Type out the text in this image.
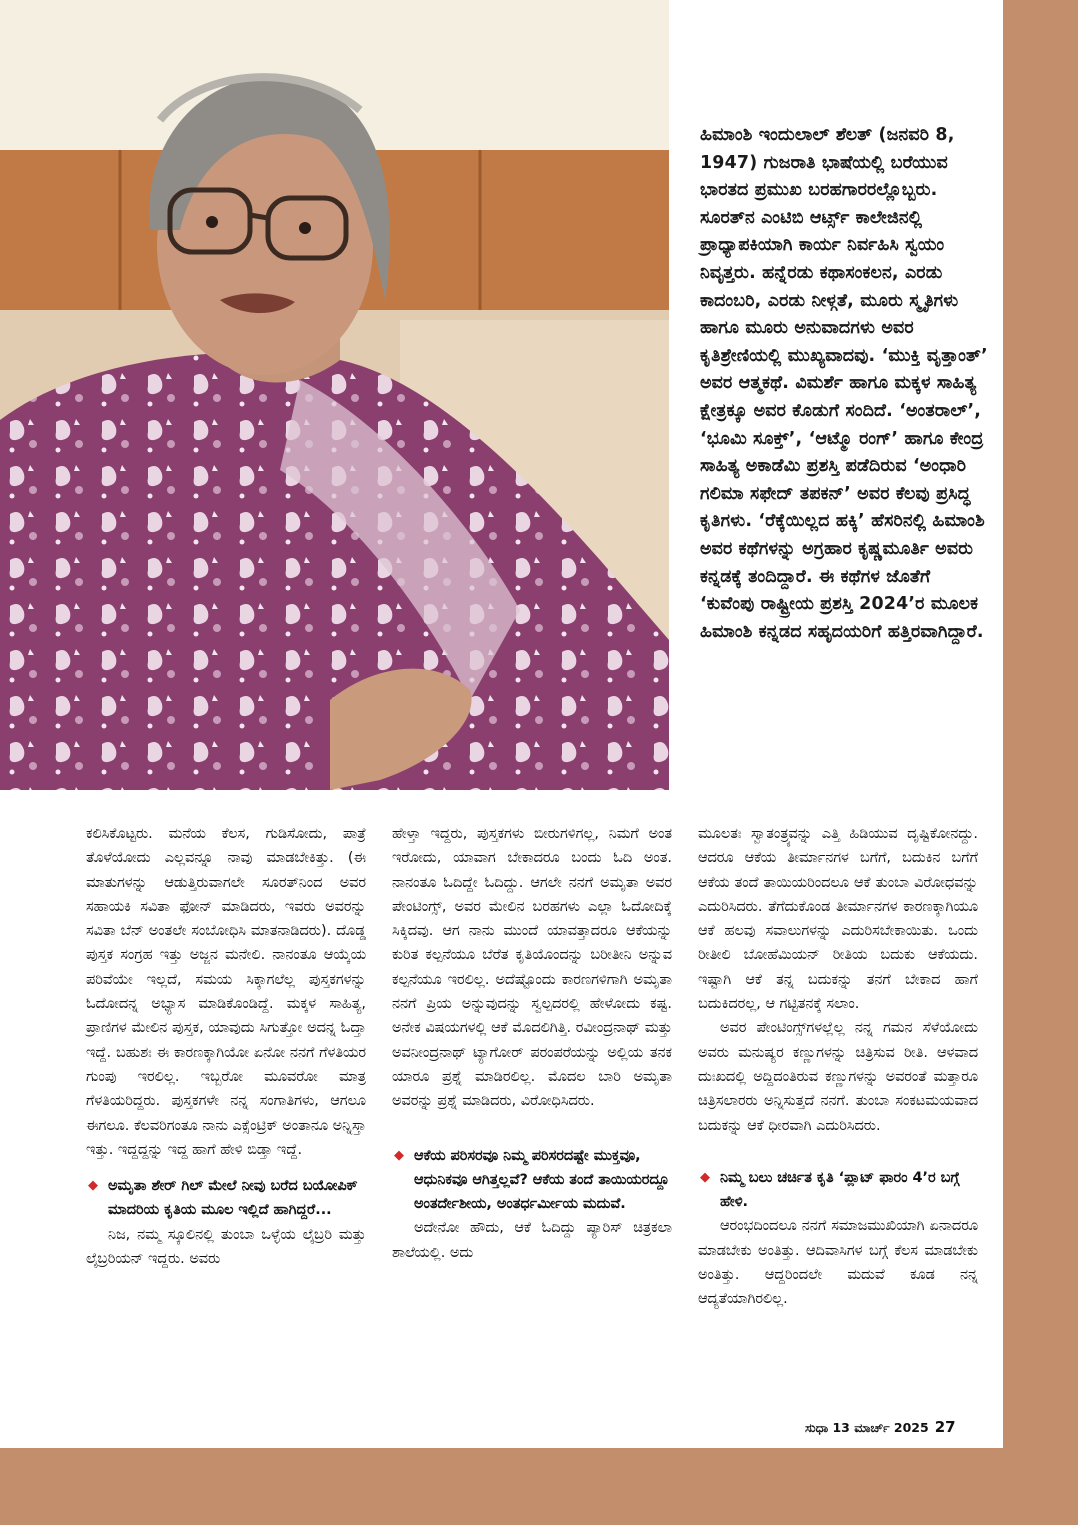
ಹಿಮಾಂಶಿ ಇಂದುಲಾಲ್ ಶೆಲತ್ (ಜನವರಿ 8, 1947) ಗುಜರಾತಿ ಭಾಷೆಯಲ್ಲಿ ಬರೆಯುವ ಭಾರತದ ಪ್ರಮುಖ ಬರಹಗಾರರಲ್ಲೊಬ್ಬರು. ಸೂರತ್‌ನ ಎಂಟಿಬಿ ಆರ್ಟ್ಸ್ ಕಾಲೇಜಿನಲ್ಲಿ ಪ್ರಾಧ್ಯಾಪಕಿಯಾಗಿ ಕಾರ್ಯ ನಿರ್ವಹಿಸಿ ಸ್ವಯಂ ನಿವೃತ್ತರು. ಹನ್ನೆರಡು ಕಥಾಸಂಕಲನ, ಎರಡು ಕಾದಂಬರಿ, ಎರಡು ನೀಳ್ಗತೆ, ಮೂರು ಸ್ಮೃತಿಗಳು ಹಾಗೂ ಮೂರು ಅನುವಾದಗಳು ಅವರ ಕೃತಿಶ್ರೇಣಿಯಲ್ಲಿ ಮುಖ್ಯವಾದವು. ‘ಮುಕ್ತಿ ವೃತ್ತಾಂತ್’ ಅವರ ಆತ್ಮಕಥೆ. ವಿಮರ್ಶೆ ಹಾಗೂ ಮಕ್ಕಳ ಸಾಹಿತ್ಯ ಕ್ಷೇತ್ರಕ್ಕೂ ಅವರ ಕೊಡುಗೆ ಸಂದಿದೆ. ‘ಅಂತರಾಲ್’, ‘ಭೂಮಿ ಸೂಕ್ತ್’, ‘ಆಟ್ಮೊ ರಂಗ್’ ಹಾಗೂ ಕೇಂದ್ರ ಸಾಹಿತ್ಯ ಅಕಾಡೆಮಿ ಪ್ರಶಸ್ತಿ ಪಡೆದಿರುವ ‘ಅಂಧಾರಿ ಗಲಿಮಾ ಸಫೇದ್ ತಪಕನ್’ ಅವರ ಕೆಲವು ಪ್ರಸಿದ್ಧ ಕೃತಿಗಳು. ‘ರೆಕ್ಕೆಯಿಲ್ಲದ ಹಕ್ಕಿ’ ಹೆಸರಿನಲ್ಲಿ ಹಿಮಾಂಶಿ ಅವರ ಕಥೆಗಳನ್ನು ಅಗ್ರಹಾರ ಕೃಷ್ಣಮೂರ್ತಿ ಅವರು ಕನ್ನಡಕ್ಕೆ ತಂದಿದ್ದಾರೆ. ಈ ಕಥೆಗಳ ಜೊತೆಗೆ ‘ಕುವೆಂಪು ರಾಷ್ಟ್ರೀಯ ಪ್ರಶಸ್ತಿ 2024’ರ ಮೂಲಕ ಹಿಮಾಂಶಿ ಕನ್ನಡದ ಸಹೃದಯರಿಗೆ ಹತ್ತಿರವಾಗಿದ್ದಾರೆ.

ಕಲಿಸಿಕೊಟ್ಟರು. ಮನೆಯ ಕೆಲಸ, ಗುಡಿಸೋದು, ಪಾತ್ರೆ ತೊಳೆಯೋದು ಎಲ್ಲವನ್ನೂ ನಾವು ಮಾಡಬೇಕಿತ್ತು. (ಈ ಮಾತುಗಳನ್ನು ಆಡುತ್ತಿರುವಾಗಲೇ ಸೂರತ್‌ನಿಂದ ಅವರ ಸಹಾಯಕಿ ಸವಿತಾ ಫೋನ್ ಮಾಡಿದರು, ಇವರು ಅವರನ್ನು ಸವಿತಾ ಬೆನ್ ಅಂತಲೇ ಸಂಬೋಧಿಸಿ ಮಾತನಾಡಿದರು). ದೊಡ್ಡ ಪುಸ್ತಕ ಸಂಗ್ರಹ ಇತ್ತು ಅಜ್ಜನ ಮನೇಲಿ. ನಾನಂತೂ ಆಯ್ಕೆಯ ಪರಿವೆಯೇ ಇಲ್ಲದೆ, ಸಮಯ ಸಿಕ್ಕಾಗಲೆಲ್ಲ ಪುಸ್ತಕಗಳನ್ನು ಓದೋದನ್ನ ಅಭ್ಯಾಸ ಮಾಡಿಕೊಂಡಿದ್ದೆ. ಮಕ್ಕಳ ಸಾಹಿತ್ಯ, ಪ್ರಾಣಿಗಳ ಮೇಲಿನ ಪುಸ್ತಕ, ಯಾವುದು ಸಿಗುತ್ತೋ ಅದನ್ನ ಓದ್ತಾ ಇದ್ದೆ. ಬಹುಶಃ ಈ ಕಾರಣಕ್ಕಾಗಿಯೋ ಏನೋ ನನಗೆ ಗೆಳತಿಯರ ಗುಂಪು ಇರಲಿಲ್ಲ. ಇಬ್ಬರೋ ಮೂವರೋ ಮಾತ್ರ ಗೆಳತಿಯರಿದ್ದರು. ಪುಸ್ತಕಗಳೇ ನನ್ನ ಸಂಗಾತಿಗಳು, ಆಗಲೂ ಈಗಲೂ. ಕೆಲವರಿಗಂತೂ ನಾನು ಎಕ್ಸೆಂಟ್ರಿಕ್ ಅಂತಾನೂ ಅನ್ನಿಸ್ತಾ ಇತ್ತು. ಇದ್ದದ್ದನ್ನು ಇದ್ದ ಹಾಗೆ ಹೇಳಿ ಬಿಡ್ತಾ ಇದ್ದೆ.

◆ ಅಮೃತಾ ಶೇರ್ ಗಿಲ್ ಮೇಲೆ ನೀವು ಬರೆದ ಬಯೋಪಿಕ್ ಮಾದರಿಯ ಕೃತಿಯ ಮೂಲ ಇಲ್ಲಿದೆ ಹಾಗಿದ್ದರೆ...

ನಿಜ, ನಮ್ಮ ಸ್ಕೂಲಿನಲ್ಲಿ ತುಂಬಾ ಒಳ್ಳೆಯ ಲೈಬ್ರರಿ ಮತ್ತು ಲೈಬ್ರರಿಯನ್ ಇದ್ದರು. ಅವರು

ಹೇಳ್ತಾ ಇದ್ದರು, ಪುಸ್ತಕಗಳು ಬೀರುಗಳಿಗಲ್ಲ, ನಿಮಗೆ ಅಂತ ಇರೋದು, ಯಾವಾಗ ಬೇಕಾದರೂ ಬಂದು ಓದಿ ಅಂತ. ನಾನಂತೂ ಓದಿದ್ದೇ ಓದಿದ್ದು. ಆಗಲೇ ನನಗೆ ಅಮೃತಾ ಅವರ ಪೇಂಟಿಂಗ್ಸ್, ಅವರ ಮೇಲಿನ ಬರಹಗಳು ಎಲ್ಲಾ ಓದೋದಿಕ್ಕೆ ಸಿಕ್ಕಿದವು. ಆಗ ನಾನು ಮುಂದೆ ಯಾವತ್ತಾದರೂ ಆಕೆಯನ್ನು ಕುರಿತ ಕಲ್ಪನೆಯೂ ಬೆರೆತ ಕೃತಿಯೊಂದನ್ನು ಬರೀತೀನಿ ಅನ್ನುವ ಕಲ್ಪನೆಯೂ ಇರಲಿಲ್ಲ. ಅದೆಷ್ಟೊಂದು ಕಾರಣಗಳಿಗಾಗಿ ಅಮೃತಾ ನನಗೆ ಪ್ರಿಯ ಅನ್ನುವುದನ್ನು ಸ್ವಲ್ಪದರಲ್ಲಿ ಹೇಳೋದು ಕಷ್ಟ. ಅನೇಕ ವಿಷಯಗಳಲ್ಲಿ ಆಕೆ ಮೊದಲಿಗಿತ್ತಿ. ರವೀಂದ್ರನಾಥ್ ಮತ್ತು ಅವನೀಂದ್ರನಾಥ್ ಟ್ಯಾಗೋರ್ ಪರಂಪರೆಯನ್ನು ಅಲ್ಲಿಯ ತನಕ ಯಾರೂ ಪ್ರಶ್ನೆ ಮಾಡಿರಲಿಲ್ಲ. ಮೊದಲ ಬಾರಿ ಅಮೃತಾ ಅವರನ್ನು ಪ್ರಶ್ನೆ ಮಾಡಿದರು, ವಿರೋಧಿಸಿದರು.

◆ ಆಕೆಯ ಪರಿಸರವೂ ನಿಮ್ಮ ಪರಿಸರದಷ್ಟೇ ಮುಕ್ತವೂ, ಆಧುನಿಕವೂ ಆಗಿತ್ತಲ್ಲವೆ? ಆಕೆಯ ತಂದೆ ತಾಯಿಯರದ್ದೂ ಅಂತರ್ದೇಶೀಯ, ಅಂತರ್ಧರ್ಮೀಯ ಮದುವೆ.

ಅದೇನೋ ಹೌದು, ಆಕೆ ಓದಿದ್ದು ಪ್ಯಾರಿಸ್ ಚಿತ್ರಕಲಾ ಶಾಲೆಯಲ್ಲಿ. ಅದು

ಮೂಲತಃ ಸ್ವಾತಂತ್ರ್ಯವನ್ನು ಎತ್ತಿ ಹಿಡಿಯುವ ದೃಷ್ಟಿಕೋನದ್ದು. ಆದರೂ ಆಕೆಯ ತೀರ್ಮಾನಗಳ ಬಗೆಗೆ, ಬದುಕಿನ ಬಗೆಗೆ ಆಕೆಯ ತಂದೆ ತಾಯಿಯರಿಂದಲೂ ಆಕೆ ತುಂಬಾ ವಿರೋಧವನ್ನು ಎದುರಿಸಿದರು. ತೆಗೆದುಕೊಂಡ ತೀರ್ಮಾನಗಳ ಕಾರಣಕ್ಕಾಗಿಯೂ ಆಕೆ ಹಲವು ಸವಾಲುಗಳನ್ನು ಎದುರಿಸಬೇಕಾಯಿತು. ಒಂದು ರೀತೀಲಿ ಬೋಹೆಮಿಯನ್ ರೀತಿಯ ಬದುಕು ಆಕೆಯದು. ಇಷ್ಟಾಗಿ ಆಕೆ ತನ್ನ ಬದುಕನ್ನು ತನಗೆ ಬೇಕಾದ ಹಾಗೆ ಬದುಕಿದರಲ್ಲ, ಆ ಗಟ್ಟಿತನಕ್ಕೆ ಸಲಾಂ.

ಅವರ ಪೇಂಟಿಂಗ್ಸ್‌ಗಳಲ್ಲೆಲ್ಲ ನನ್ನ ಗಮನ ಸೆಳೆಯೋದು ಅವರು ಮನುಷ್ಯರ ಕಣ್ಣುಗಳನ್ನು ಚಿತ್ರಿಸುವ ರೀತಿ. ಆಳವಾದ ದುಃಖದಲ್ಲಿ ಅದ್ದಿದಂತಿರುವ ಕಣ್ಣುಗಳನ್ನು ಅವರಂತೆ ಮತ್ತಾರೂ ಚಿತ್ರಿಸಲಾರರು ಅನ್ನಿಸುತ್ತದೆ ನನಗೆ. ತುಂಬಾ ಸಂಕಟಮಯವಾದ ಬದುಕನ್ನು ಆಕೆ ಧೀರವಾಗಿ ಎದುರಿಸಿದರು.

◆ ನಿಮ್ಮ ಬಲು ಚರ್ಚಿತ ಕೃತಿ ‘ಪ್ಲಾಟ್ ಫಾರಂ 4’ರ ಬಗ್ಗೆ ಹೇಳಿ.

ಆರಂಭದಿಂದಲೂ ನನಗೆ ಸಮಾಜಮುಖಿಯಾಗಿ ಏನಾದರೂ ಮಾಡಬೇಕು ಅಂತಿತ್ತು. ಆದಿವಾಸಿಗಳ ಬಗ್ಗೆ ಕೆಲಸ ಮಾಡಬೇಕು ಅಂತಿತ್ತು. ಆದ್ದರಿಂದಲೇ ಮದುವೆ ಕೂಡ ನನ್ನ ಆದ್ಯತೆಯಾಗಿರಲಿಲ್ಲ.

ಸುಧಾ 13 ಮಾರ್ಚ್ 2025 27
